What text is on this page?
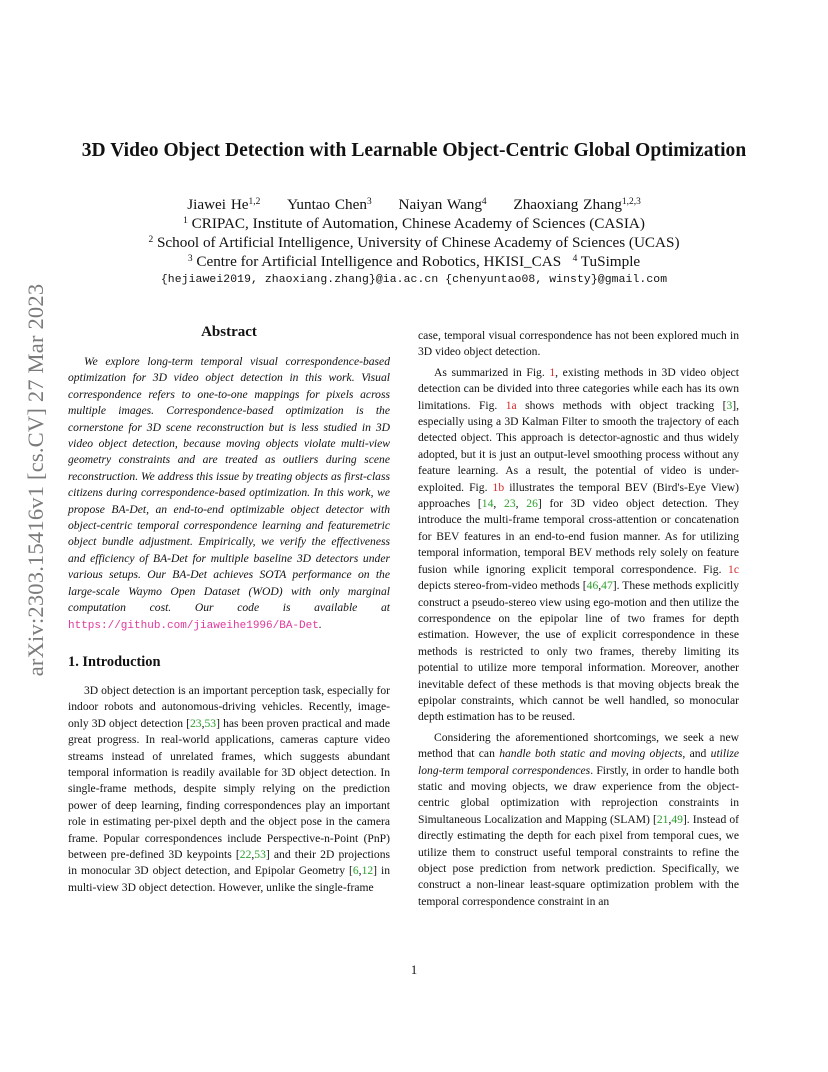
arXiv:2303.15416v1 [cs.CV] 27 Mar 2023
3D Video Object Detection with Learnable Object-Centric Global Optimization
Jiawei He$^{1,2}$ Yuntao Chen$^3$ Naiyan Wang$^4$ Zhaoxiang Zhang$^{1,2,3}$
$^1$ CRIPAC, Institute of Automation, Chinese Academy of Sciences (CASIA)
$^2$ School of Artificial Intelligence, University of Chinese Academy of Sciences (UCAS)
$^3$ Centre for Artificial Intelligence and Robotics, HKISI_CAS $^4$ TuSimple
{hejiawei2019, zhaoxiang.zhang}@ia.ac.cn {chenyuntao08, winsty}@gmail.com
Abstract

We explore long-term temporal visual correspondence-based optimization for 3D video object detection in this work. Visual correspondence refers to one-to-one mappings for pixels across multiple images. Correspondence-based optimization is the cornerstone for 3D scene reconstruction but is less studied in 3D video object detection, because moving objects violate multi-view geometry constraints and are treated as outliers during scene reconstruction. We address this issue by treating objects as first-class citizens during correspondence-based optimization. In this work, we propose BA-Det, an end-to-end optimizable object detector with object-centric temporal correspondence learning and featuremetric object bundle adjustment. Empirically, we verify the effectiveness and efficiency of BA-Det for multiple baseline 3D detectors under various setups. Our BA-Det achieves SOTA performance on the large-scale Waymo Open Dataset (WOD) with only marginal computation cost. Our code is available at https://github.com/jiaweihe1996/BA-Det.

1. Introduction

3D object detection is an important perception task, especially for indoor robots and autonomous-driving vehicles. Recently, image-only 3D object detection [23,53] has been proven practical and made great progress. In real-world applications, cameras capture video streams instead of unrelated frames, which suggests abundant temporal information is readily available for 3D object detection. In single-frame methods, despite simply relying on the prediction power of deep learning, finding correspondences play an important role in estimating per-pixel depth and the object pose in the camera frame. Popular correspondences include Perspective-n-Point (PnP) between pre-defined 3D keypoints [22,53] and their 2D projections in monocular 3D object detection, and Epipolar Geometry [6,12] in multi-view 3D object detection. However, unlike the single-frame

case, temporal visual correspondence has not been explored much in 3D video object detection.

As summarized in Fig. 1, existing methods in 3D video object detection can be divided into three categories while each has its own limitations. Fig. 1a shows methods with object tracking [3], especially using a 3D Kalman Filter to smooth the trajectory of each detected object. This approach is detector-agnostic and thus widely adopted, but it is just an output-level smoothing process without any feature learning. As a result, the potential of video is under-exploited. Fig. 1b illustrates the temporal BEV (Bird's-Eye View) approaches [14, 23, 26] for 3D video object detection. They introduce the multi-frame temporal cross-attention or concatenation for BEV features in an end-to-end fusion manner. As for utilizing temporal information, temporal BEV methods rely solely on feature fusion while ignoring explicit temporal correspondence. Fig. 1c depicts stereo-from-video methods [46,47]. These methods explicitly construct a pseudo-stereo view using ego-motion and then utilize the correspondence on the epipolar line of two frames for depth estimation. However, the use of explicit correspondence in these methods is restricted to only two frames, thereby limiting its potential to utilize more temporal information. Moreover, another inevitable defect of these methods is that moving objects break the epipolar constraints, which cannot be well handled, so monocular depth estimation has to be reused.

Considering the aforementioned shortcomings, we seek a new method that can handle both static and moving objects, and utilize long-term temporal correspondences. Firstly, in order to handle both static and moving objects, we draw experience from the object-centric global optimization with reprojection constraints in Simultaneous Localization and Mapping (SLAM) [21,49]. Instead of directly estimating the depth for each pixel from temporal cues, we utilize them to construct useful temporal constraints to refine the object pose prediction from network prediction. Specifically, we construct a non-linear least-square optimization problem with the temporal correspondence constraint in an

1
